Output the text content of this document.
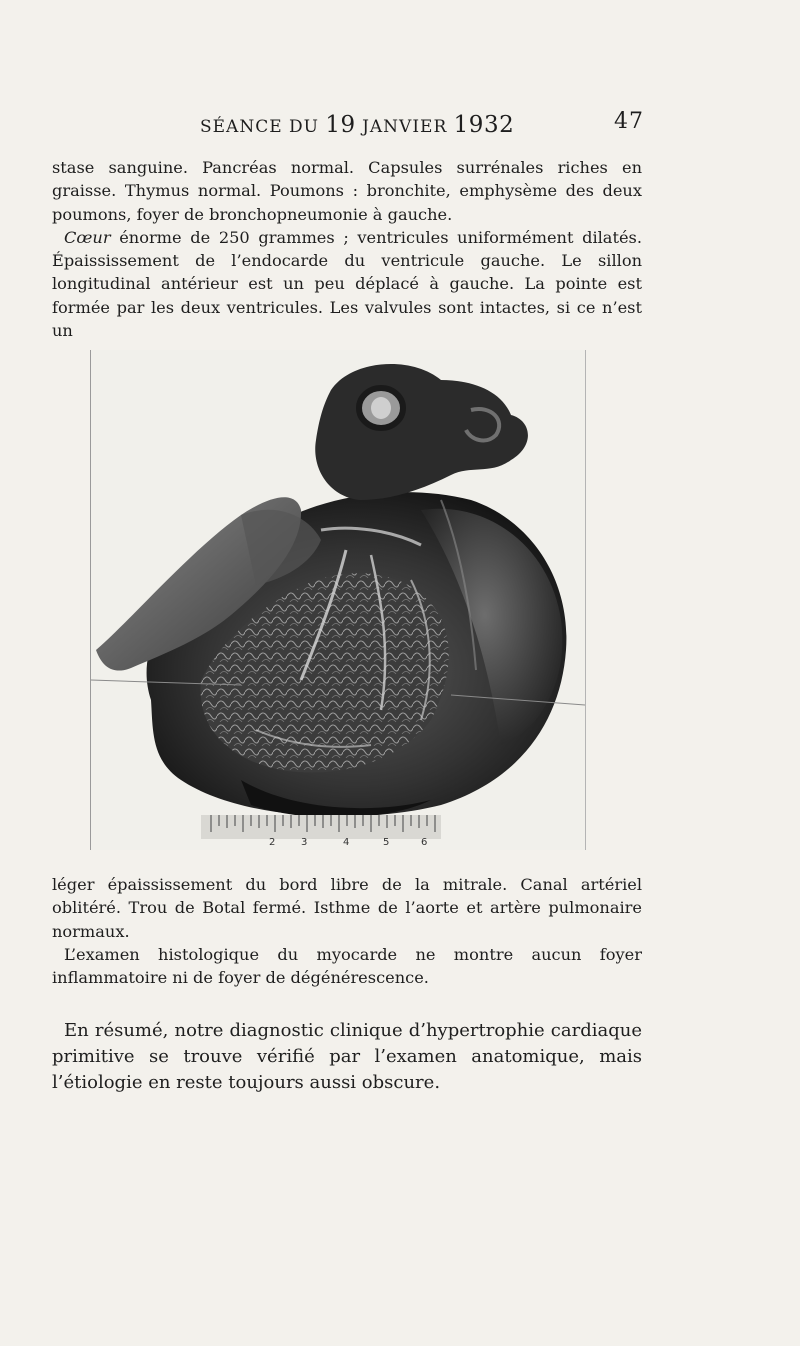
SÉANCE DU 19 JANVIER 1932	47

stase sanguine. Pancréas normal. Capsules surrénales riches en graisse. Thymus normal. Poumons : bronchite, emphysème des deux poumons, foyer de bronchopneumonie à gauche.

Cœur énorme de 250 grammes ; ventricules uniformément dilatés. Épaississement de l’endocarde du ventricule gauche. Le sillon longitudinal antérieur est un peu déplacé à gauche. La pointe est formée par les deux ventricules. Les valvules sont intactes, si ce n’est un

2	3	4	5	6

léger épaississement du bord libre de la mitrale. Canal artériel oblitéré. Trou de Botal fermé. Isthme de l’aorte et artère pulmonaire normaux.

L’examen histologique du myocarde ne montre aucun foyer inflammatoire ni de foyer de dégénérescence.

En résumé, notre diagnostic clinique d’hypertrophie cardiaque primitive se trouve vérifié par l’examen anatomique, mais l’étiologie en reste toujours aussi obscure.
